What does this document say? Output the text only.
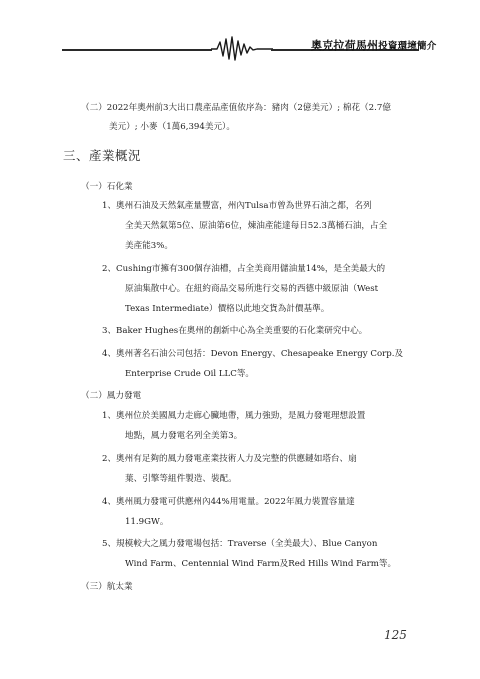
奧克拉荷馬州投資環境簡介
（二）2022年奧州前3大出口農產品產值依序為：豬肉（2億美元）; 棉花（2.7億
美元）; 小麥（1萬6,394美元）。
三、產業概況
（一）石化業
1、奧州石油及天然氣產量豐富，州內Tulsa市曾為世界石油之都，名列
全美天然氣第5位、原油第6位，煉油產能達每日52.3萬桶石油，占全
美產能3%。
2、Cushing市擁有300個存油槽，占全美商用儲油量14%，是全美最大的
原油集散中心。在紐約商品交易所進行交易的西德中級原油（West
Texas Intermediate）價格以此地交貨為計價基準。
3、Baker Hughes在奧州的創新中心為全美重要的石化業研究中心。
4、奧州著名石油公司包括：Devon Energy、Chesapeake Energy Corp.及
Enterprise Crude Oil LLC等。
（二）風力發電
1、奧州位於美國風力走廊心臟地帶，風力強勁，是風力發電理想設置
地點，風力發電名列全美第3。
2、奧州有足夠的風力發電產業技術人力及完整的供應鏈如塔台、扇
葉、引擎等組件製造、裝配。
4、奧州風力發電可供應州內44%用電量。2022年風力裝置容量達
11.9GW。
5、規模較大之風力發電場包括：Traverse（全美最大）、Blue Canyon
Wind Farm、Centennial Wind Farm及Red Hills Wind Farm等。
（三）航太業
125
